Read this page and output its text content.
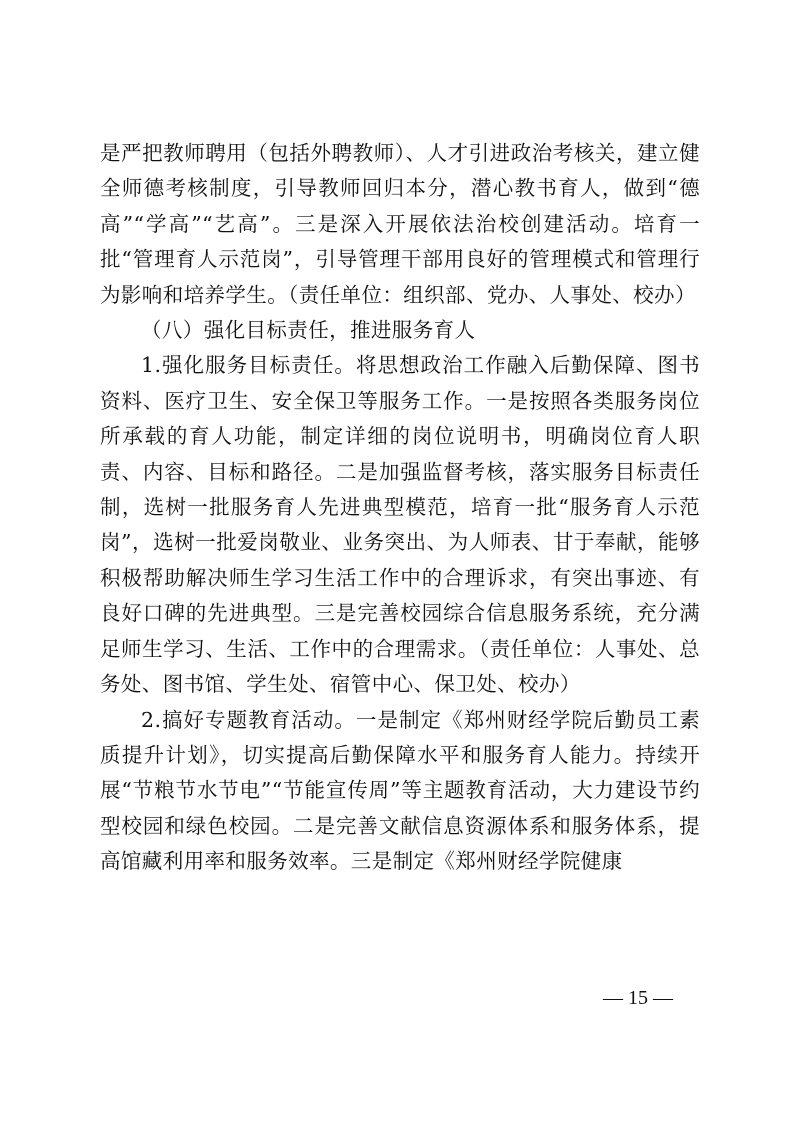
是严把教师聘用（包括外聘教师）、人才引进政治考核关，建立健全师德考核制度，引导教师回归本分，潜心教书育人，做到“德高”“学高”“艺高”。三是深入开展依法治校创建活动。培育一批“管理育人示范岗”，引导管理干部用良好的管理模式和管理行为影响和培养学生。（责任单位：组织部、党办、人事处、校办）

（八）强化目标责任，推进服务育人

1.强化服务目标责任。将思想政治工作融入后勤保障、图书资料、医疗卫生、安全保卫等服务工作。一是按照各类服务岗位所承载的育人功能，制定详细的岗位说明书，明确岗位育人职责、内容、目标和路径。二是加强监督考核，落实服务目标责任制，选树一批服务育人先进典型模范，培育一批“服务育人示范岗”，选树一批爱岗敬业、业务突出、为人师表、甘于奉献，能够积极帮助解决师生学习生活工作中的合理诉求，有突出事迹、有良好口碑的先进典型。三是完善校园综合信息服务系统，充分满足师生学习、生活、工作中的合理需求。（责任单位：人事处、总务处、图书馆、学生处、宿管中心、保卫处、校办）

2.搞好专题教育活动。一是制定《郑州财经学院后勤员工素质提升计划》，切实提高后勤保障水平和服务育人能力。持续开展“节粮节水节电”“节能宣传周”等主题教育活动，大力建设节约型校园和绿色校园。二是完善文献信息资源体系和服务体系，提高馆藏利用率和服务效率。三是制定《郑州财经学院健康

— 15 —
